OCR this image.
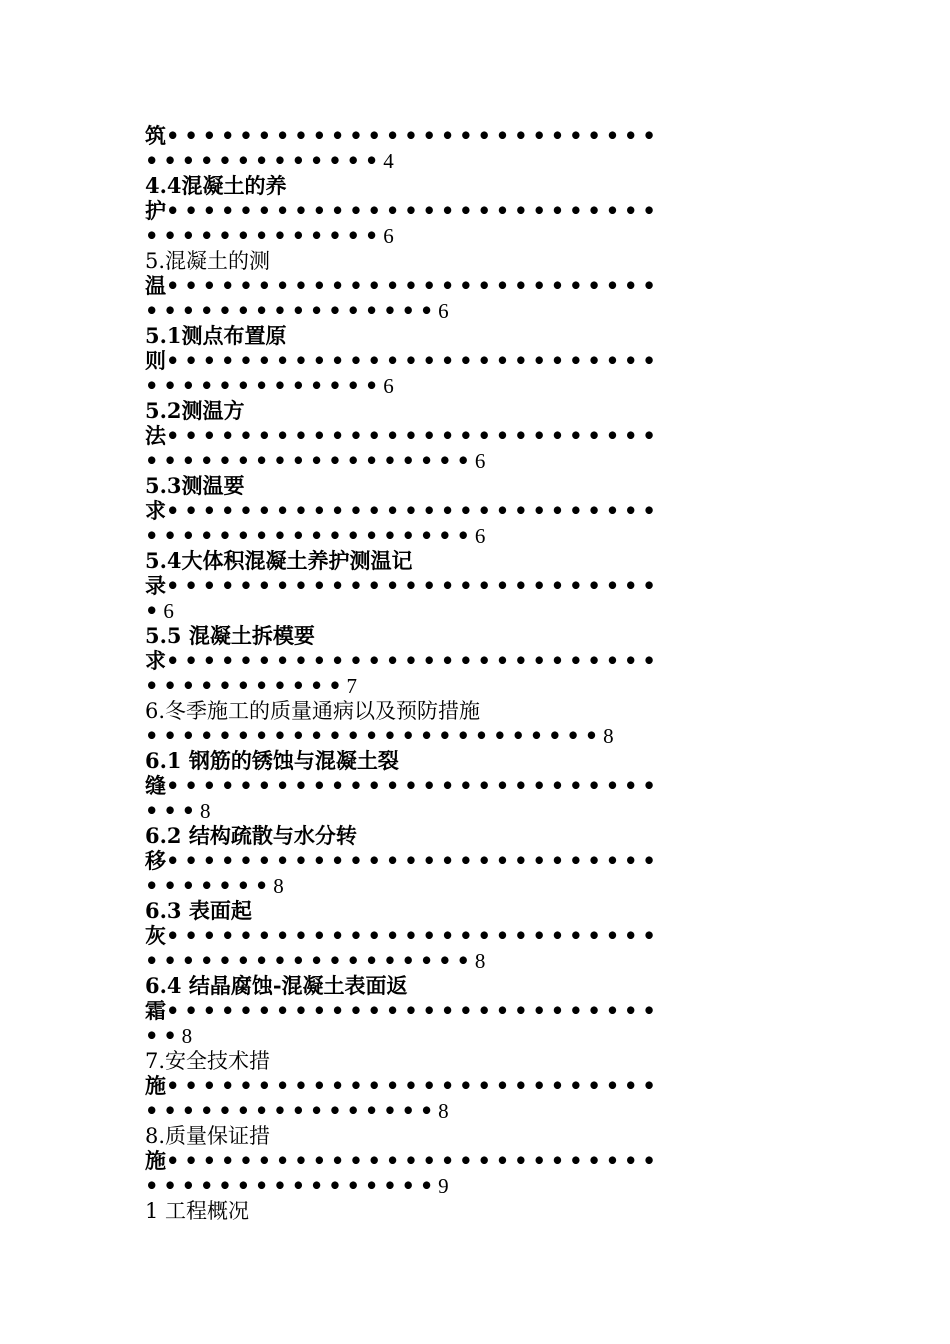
筑•••••••••••••••••••••••••••
•••••••••••••4
4.4混凝土的养
护•••••••••••••••••••••••••••
•••••••••••••6
5.混凝土的测
温•••••••••••••••••••••••••••
••••••••••••••••6
5.1测点布置原
则•••••••••••••••••••••••••••
•••••••••••••6
5.2测温方
法•••••••••••••••••••••••••••
••••••••••••••••••6
5.3测温要
求•••••••••••••••••••••••••••
••••••••••••••••••6
5.4大体积混凝土养护测温记
录•••••••••••••••••••••••••••
•6
5.5 混凝土拆模要
求•••••••••••••••••••••••••••
•••••••••••7
6.冬季施工的质量通病以及预防措施
•••••••••••••••••••••••••8
6.1 钢筋的锈蚀与混凝土裂
缝•••••••••••••••••••••••••••
•••8
6.2 结构疏散与水分转
移•••••••••••••••••••••••••••
•••••••8
6.3 表面起
灰•••••••••••••••••••••••••••
••••••••••••••••••8
6.4 结晶腐蚀-混凝土表面返
霜•••••••••••••••••••••••••••
••8
7.安全技术措
施•••••••••••••••••••••••••••
••••••••••••••••8
8.质量保证措
施•••••••••••••••••••••••••••
••••••••••••••••9
1 工程概况
